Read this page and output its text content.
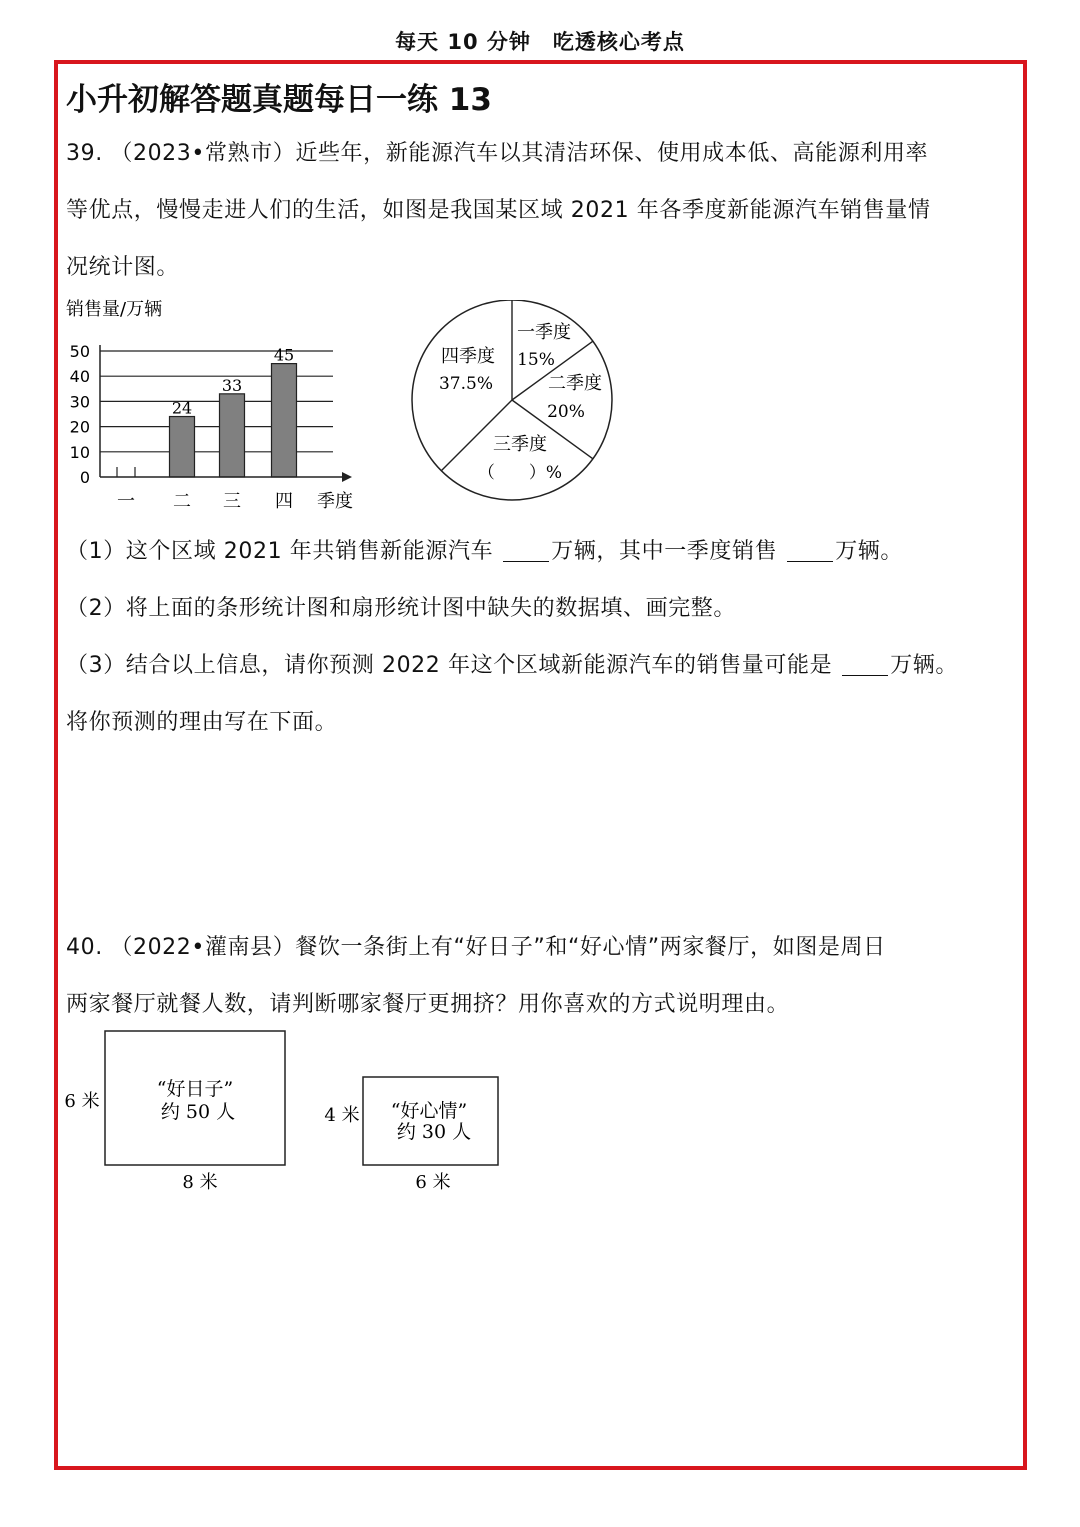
每天 10 分钟　吃透核心考点
小升初解答题真题每日一练 13
39. （2023•常熟市）近些年，新能源汽车以其清洁环保、使用成本低、高能源利用率
等优点，慢慢走进人们的生活，如图是我国某区域 2021 年各季度新能源汽车销售量情
况统计图。
销售量/万辆
0
10
20
30
40
50
一
24
二
33
三
45
四 季度
一季度
15%
二季度
20%
三季度
（　　）%
四季度
37.5%
（1）这个区域 2021 年共销售新能源汽车	万辆，其中一季度销售	万辆。
（2）将上面的条形统计图和扇形统计图中缺失的数据填、画完整。
（3）结合以上信息，请你预测 2022 年这个区域新能源汽车的销售量可能是	万辆。
将你预测的理由写在下面。
40. （2022•灌南县）餐饮一条街上有“好日子”和“好心情”两家餐厅，如图是周日
两家餐厅就餐人数，请判断哪家餐厅更拥挤？用你喜欢的方式说明理由。
“好日子”
约 50 人
6 米
8 米
“好心情”
约 30 人
4 米
6 米
